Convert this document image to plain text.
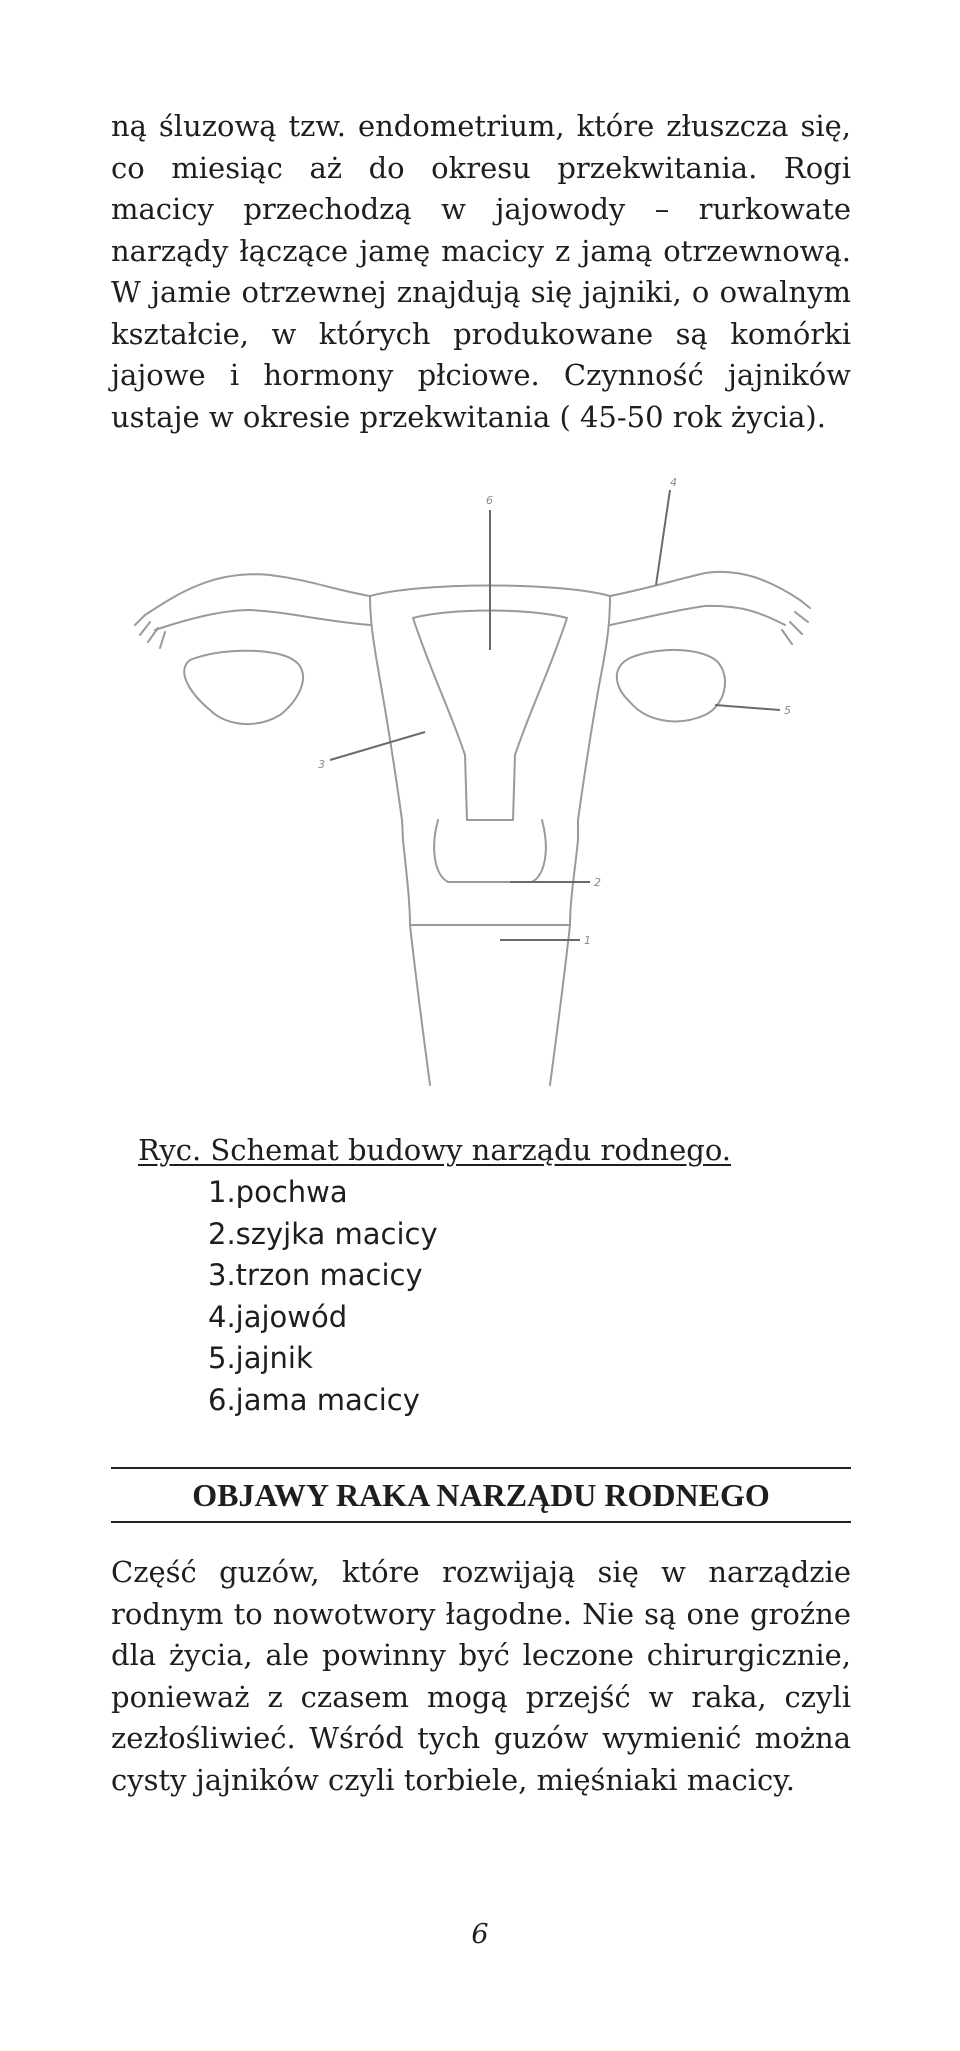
ną śluzową tzw. endometrium, które złuszcza się, co miesiąc aż do okresu przekwitania. Rogi macicy przechodzą w jajowody – rurkowate narządy łączące jamę macicy z jamą otrzewnową. W jamie otrzewnej znajdują się jajniki, o owalnym kształcie, w których produkowane są komórki jajowe i hormony płciowe. Czynność jajników ustaje w okresie przekwitania ( 45-50 rok życia).

6
4
5
3
2
1

Ryc. Schemat budowy narządu rodnego.

1.pochwa
2.szyjka macicy
3.trzon macicy
4.jajowód
5.jajnik
6.jama macicy
OBJAWY RAKA NARZĄDU RODNEGO

Część guzów, które rozwijają się w narządzie rodnym to nowotwory łagodne. Nie są one groźne dla życia, ale powinny być leczone chirurgicznie, ponieważ z czasem mogą przejść w raka, czyli zezłośliwieć. Wśród tych guzów wymienić można cysty jajników czyli torbiele, mięśniaki macicy.

6
